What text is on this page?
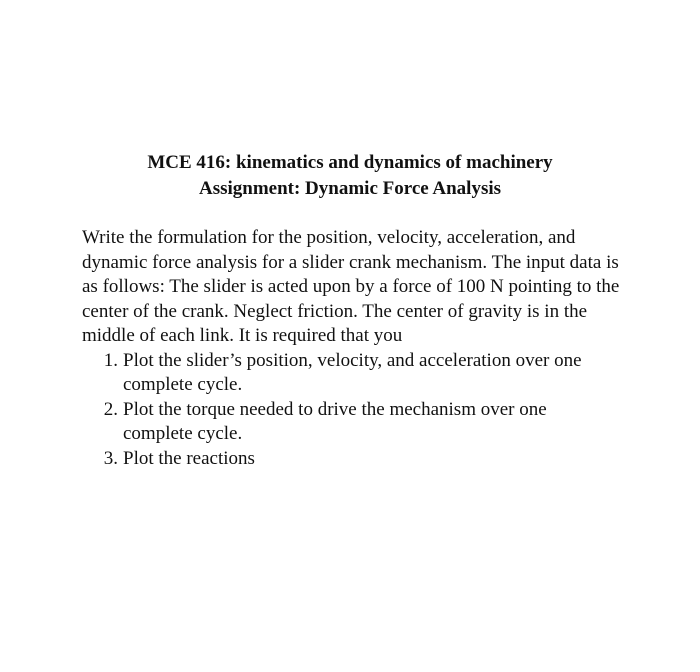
MCE 416: kinematics and dynamics of machinery
Assignment: Dynamic Force Analysis

Write the formulation for the position, velocity, acceleration, and dynamic force analysis for a slider crank mechanism. The input data is as follows: The slider is acted upon by a force of 100 N pointing to the center of the crank. Neglect friction. The center of gravity is in the middle of each link. It is required that you

1. Plot the slider’s position, velocity, and acceleration over one complete cycle.
2. Plot the torque needed to drive the mechanism over one complete cycle.
3. Plot the reactions
